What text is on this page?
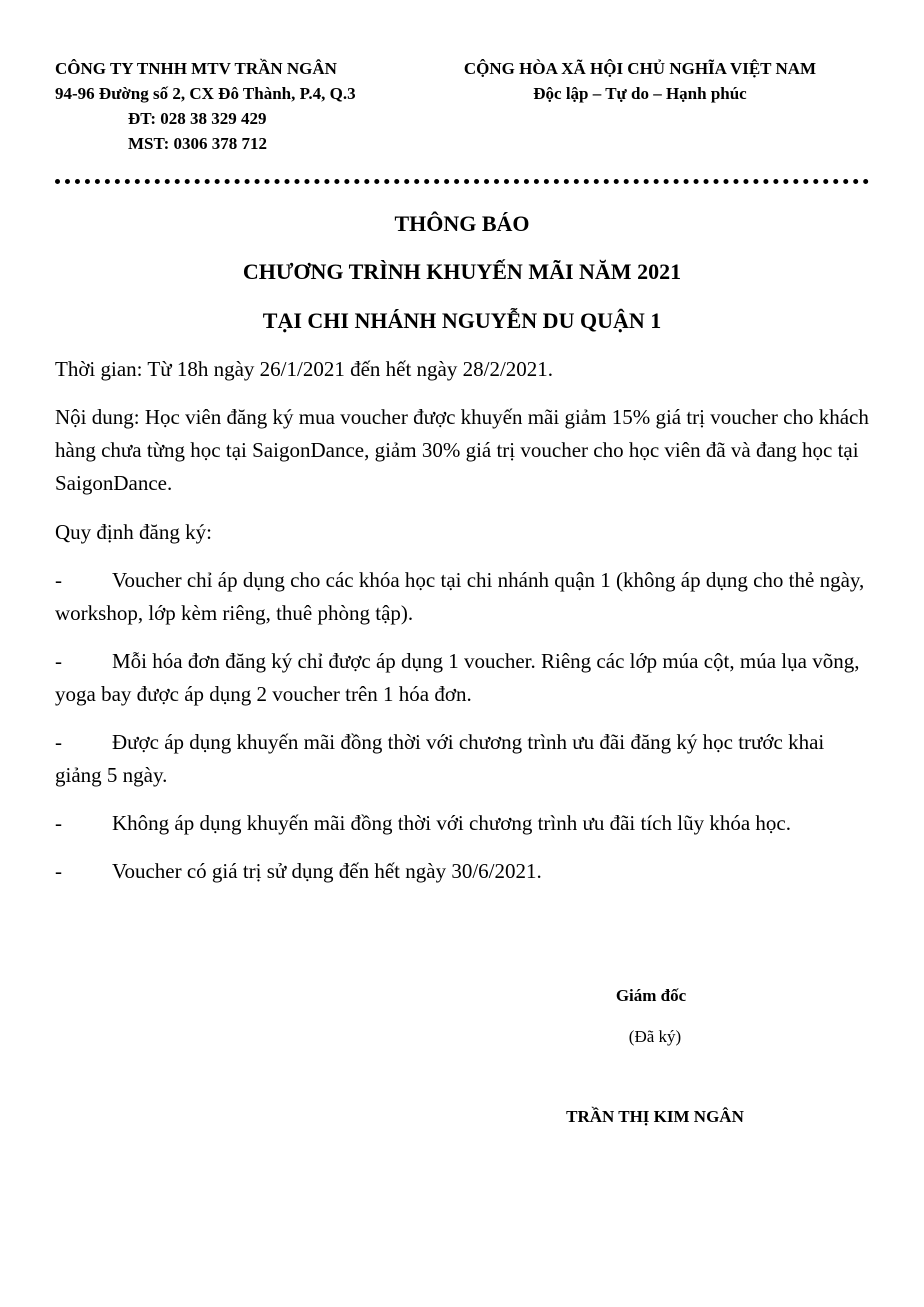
CÔNG TY TNHH MTV TRẦN NGÂN
94-96 Đường số 2, CX Đô Thành, P.4, Q.3
ĐT: 028 38 329 429
MST: 0306 378 712
CỘNG HÒA XÃ HỘI CHỦ NGHĨA VIỆT NAM
Độc lập – Tự do – Hạnh phúc
THÔNG BÁO
CHƯƠNG TRÌNH KHUYẾN MÃI NĂM 2021
TẠI CHI NHÁNH NGUYỄN DU QUẬN 1
Thời gian: Từ 18h ngày 26/1/2021 đến hết ngày 28/2/2021.
Nội dung: Học viên đăng ký mua voucher được khuyến mãi giảm 15% giá trị voucher cho khách hàng chưa từng học tại SaigonDance, giảm 30% giá trị voucher cho học viên đã và đang học tại SaigonDance.
Quy định đăng ký:
- Voucher chỉ áp dụng cho các khóa học tại chi nhánh quận 1 (không áp dụng cho thẻ ngày, workshop, lớp kèm riêng, thuê phòng tập).
- Mỗi hóa đơn đăng ký chỉ được áp dụng 1 voucher. Riêng các lớp múa cột, múa lụa võng, yoga bay được áp dụng 2 voucher trên 1 hóa đơn.
- Được áp dụng khuyến mãi đồng thời với chương trình ưu đãi đăng ký học trước khai giảng 5 ngày.
- Không áp dụng khuyến mãi đồng thời với chương trình ưu đãi tích lũy khóa học.
- Voucher có giá trị sử dụng đến hết ngày 30/6/2021.
Giám đốc
(Đã ký)
TRẦN THỊ KIM NGÂN
